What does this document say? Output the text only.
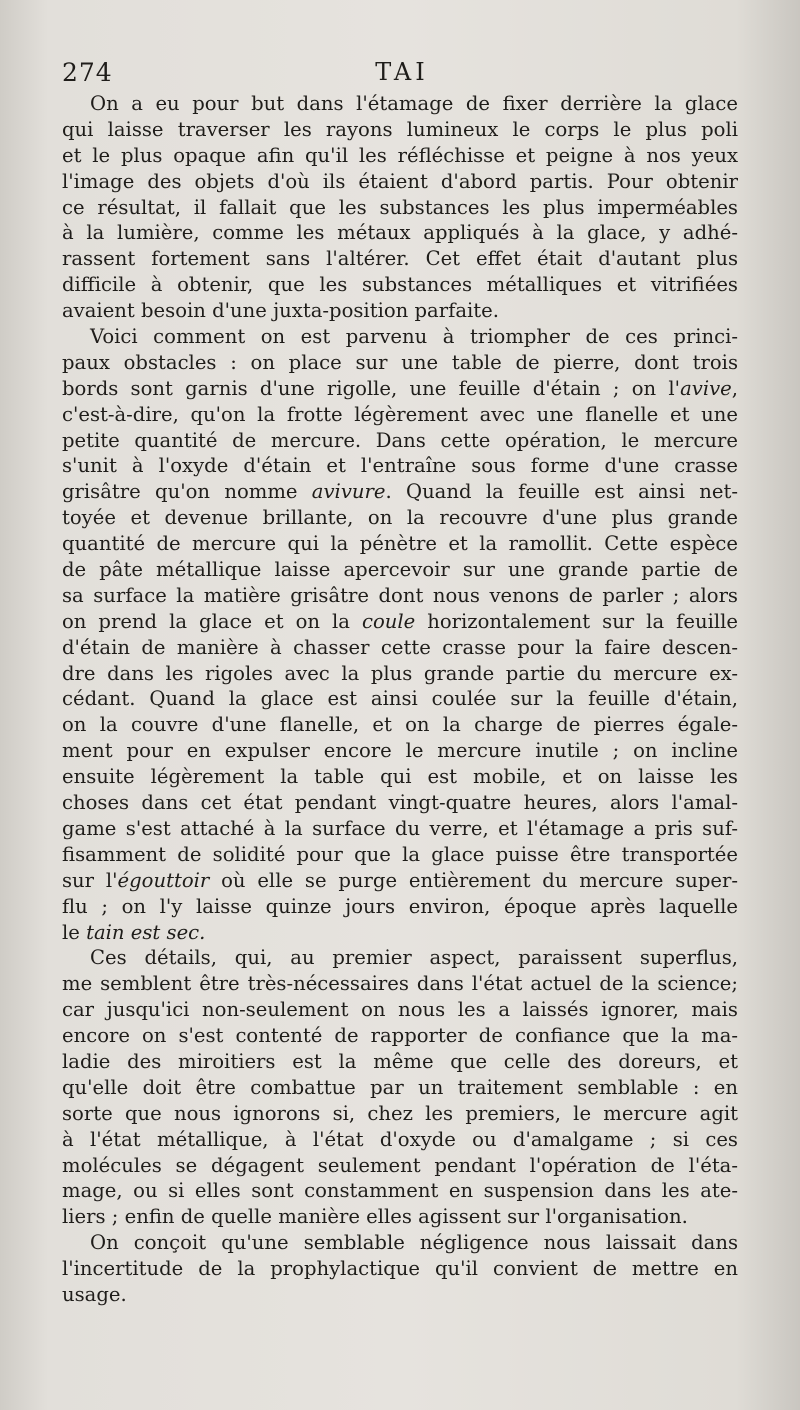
274	TAI
On a eu pour but dans l'étamage de fixer derrière la glace
qui laisse traverser les rayons lumineux le corps le plus poli
et le plus opaque afin qu'il les réfléchisse et peigne à nos yeux
l'image des objets d'où ils étaient d'abord partis. Pour obtenir
ce résultat, il fallait que les substances les plus imperméables
à la lumière, comme les métaux appliqués à la glace, y adhé-
rassent fortement sans l'altérer. Cet effet était d'autant plus
difficile à obtenir, que les substances métalliques et vitrifiées
avaient besoin d'une juxta-position parfaite.
Voici comment on est parvenu à triompher de ces princi-
paux obstacles : on place sur une table de pierre, dont trois
bords sont garnis d'une rigolle, une feuille d'étain ; on l'avive,
c'est-à-dire, qu'on la frotte légèrement avec une flanelle et une
petite quantité de mercure. Dans cette opération, le mercure
s'unit à l'oxyde d'étain et l'entraîne sous forme d'une crasse
grisâtre qu'on nomme avivure. Quand la feuille est ainsi net-
toyée et devenue brillante, on la recouvre d'une plus grande
quantité de mercure qui la pénètre et la ramollit. Cette espèce
de pâte métallique laisse apercevoir sur une grande partie de
sa surface la matière grisâtre dont nous venons de parler ; alors
on prend la glace et on la coule horizontalement sur la feuille
d'étain de manière à chasser cette crasse pour la faire descen-
dre dans les rigoles avec la plus grande partie du mercure ex-
cédant. Quand la glace est ainsi coulée sur la feuille d'étain,
on la couvre d'une flanelle, et on la charge de pierres égale-
ment pour en expulser encore le mercure inutile ; on incline
ensuite légèrement la table qui est mobile, et on laisse les
choses dans cet état pendant vingt-quatre heures, alors l'amal-
game s'est attaché à la surface du verre, et l'étamage a pris suf-
fisamment de solidité pour que la glace puisse être transportée
sur l'égouttoir où elle se purge entièrement du mercure super-
flu ; on l'y laisse quinze jours environ, époque après laquelle
le tain est sec.
Ces détails, qui, au premier aspect, paraissent superflus,
me semblent être très-nécessaires dans l'état actuel de la science;
car jusqu'ici non-seulement on nous les a laissés ignorer, mais
encore on s'est contenté de rapporter de confiance que la ma-
ladie des miroitiers est la même que celle des doreurs, et
qu'elle doit être combattue par un traitement semblable : en
sorte que nous ignorons si, chez les premiers, le mercure agit
à l'état métallique, à l'état d'oxyde ou d'amalgame ; si ces
molécules se dégagent seulement pendant l'opération de l'éta-
mage, ou si elles sont constamment en suspension dans les ate-
liers ; enfin de quelle manière elles agissent sur l'organisation.
On conçoit qu'une semblable négligence nous laissait dans
l'incertitude de la prophylactique qu'il convient de mettre en
usage.
